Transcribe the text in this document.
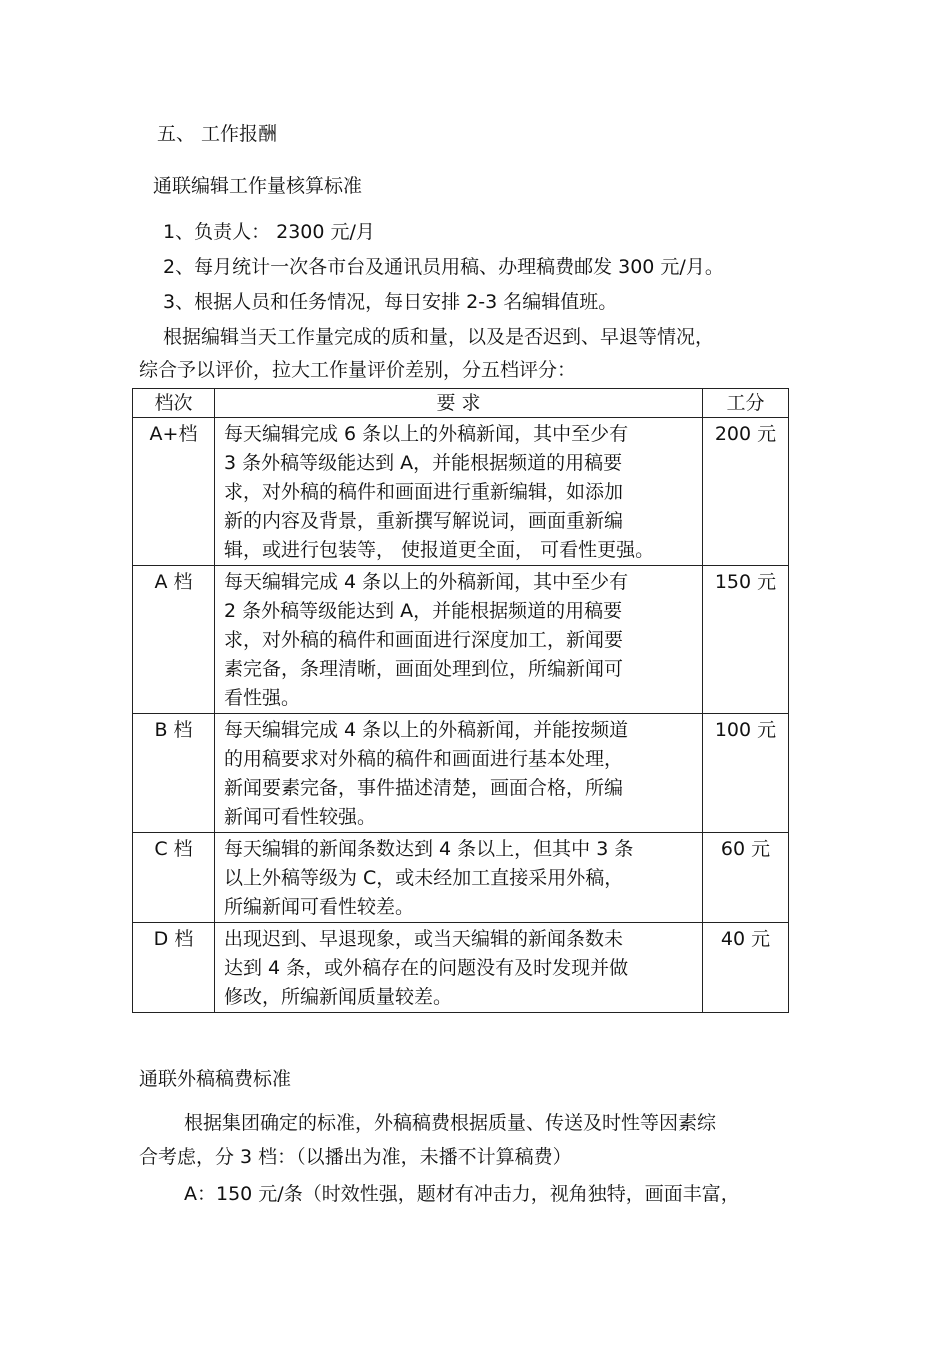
五、 工作报酬
通联编辑工作量核算标准
1、负责人： 2300 元/月
2、每月统计一次各市台及通讯员用稿、办理稿费邮发 300 元/月。
3、根据人员和任务情况，每日安排 2-3 名编辑值班。
根据编辑当天工作量完成的质和量，以及是否迟到、早退等情况，
综合予以评价，拉大工作量评价差别，分五档评分：
档次	要 求	工分
A+档	每天编辑完成 6 条以上的外稿新闻，其中至少有
3 条外稿等级能达到 A，并能根据频道的用稿要
求，对外稿的稿件和画面进行重新编辑，如添加
新的内容及背景，重新撰写解说词，画面重新编
辑，或进行包装等， 使报道更全面， 可看性更强。	200 元
A 档	每天编辑完成 4 条以上的外稿新闻，其中至少有
2 条外稿等级能达到 A，并能根据频道的用稿要
求，对外稿的稿件和画面进行深度加工，新闻要
素完备，条理清晰，画面处理到位，所编新闻可
看性强。	150 元
B 档	每天编辑完成 4 条以上的外稿新闻，并能按频道
的用稿要求对外稿的稿件和画面进行基本处理，
新闻要素完备，事件描述清楚，画面合格，所编
新闻可看性较强。	100 元
C 档	每天编辑的新闻条数达到 4 条以上，但其中 3 条
以上外稿等级为 C，或未经加工直接采用外稿，
所编新闻可看性较差。	60 元
D 档	出现迟到、早退现象，或当天编辑的新闻条数未
达到 4 条，或外稿存在的问题没有及时发现并做
修改，所编新闻质量较差。	40 元
通联外稿稿费标准
根据集团确定的标准，外稿稿费根据质量、传送及时性等因素综
合考虑，分 3 档：（以播出为准，未播不计算稿费）
A：150 元/条（时效性强，题材有冲击力，视角独特，画面丰富，
